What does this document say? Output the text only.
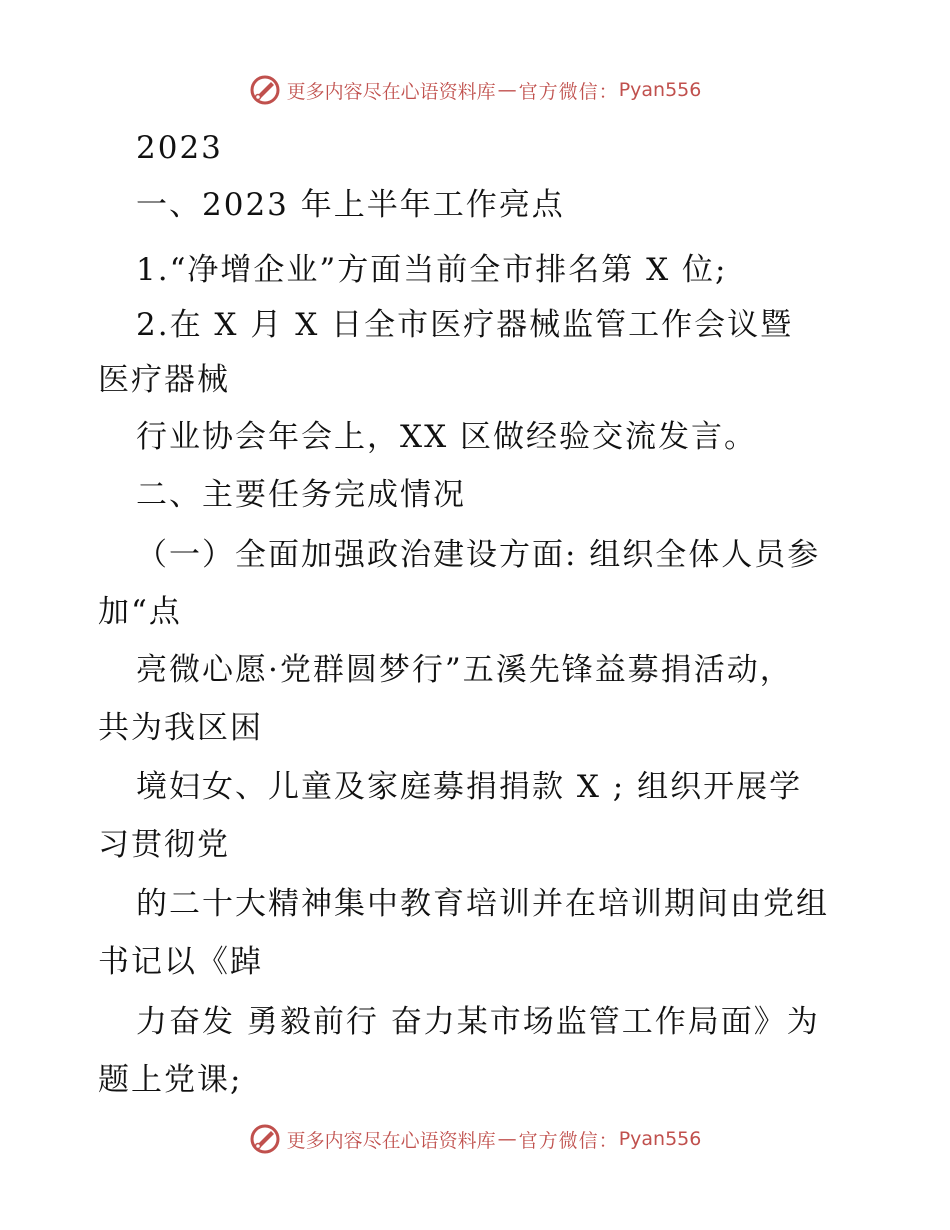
更多内容尽在心语资料库 — 官方微信： Pyan556
2023
一、2023 年上半年工作亮点
1.“净增企业”方面当前全市排名第 X 位;
2.在 X 月 X 日全市医疗器械监管工作会议暨
医疗器械
行业协会年会上，XX 区做经验交流发言。
二、主要任务完成情况
（一）全面加强政治建设方面: 组织全体人员参
加“点
亮微心愿·党群圆梦行”五溪先锋益募捐活动，
共为我区困
境妇女、儿童及家庭募捐捐款 X ; 组织开展学
习贯彻党
的二十大精神集中教育培训并在培训期间由党组
书记以《踔
力奋发 勇毅前行 奋力某市场监管工作局面》为
题上党课;
更多内容尽在心语资料库 — 官方微信： Pyan556
